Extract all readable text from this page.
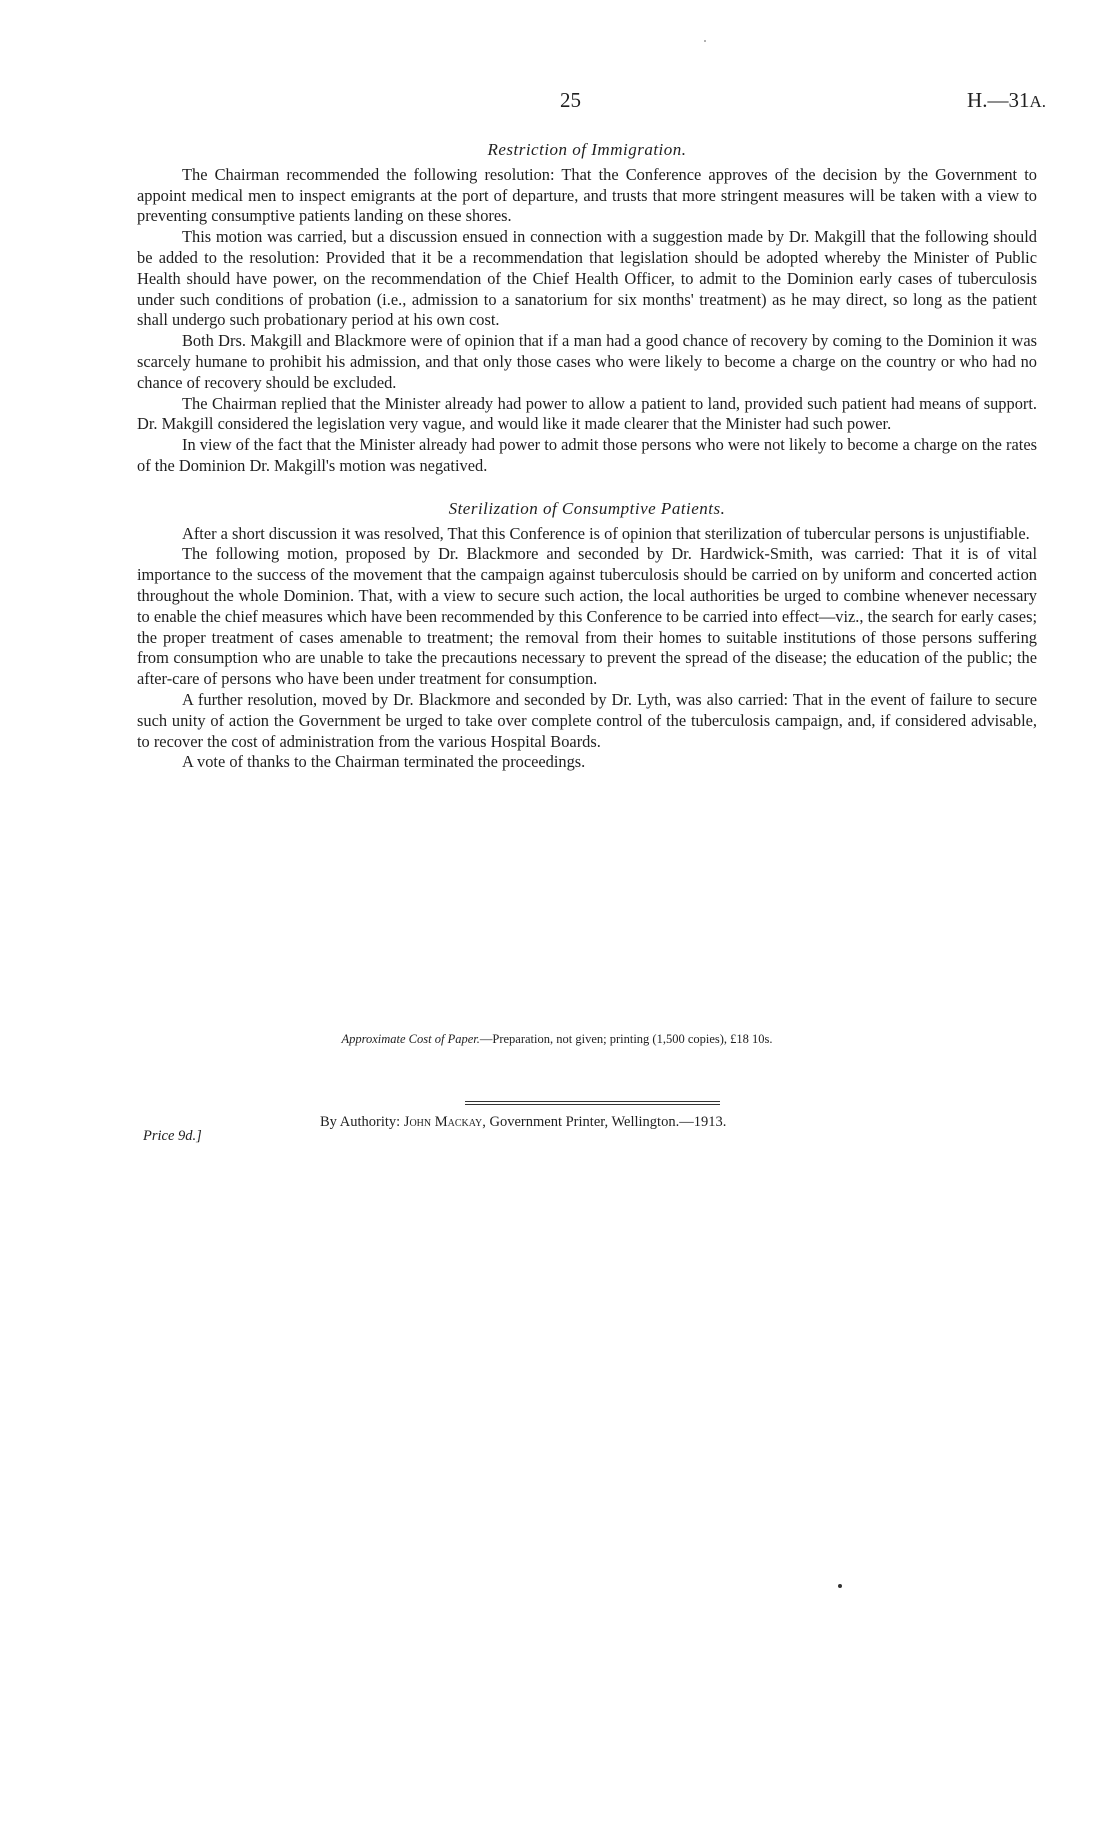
25	H.—31A.
Restriction of Immigration.

The Chairman recommended the following resolution: That the Conference approves of the decision by the Government to appoint medical men to inspect emigrants at the port of departure, and trusts that more stringent measures will be taken with a view to preventing consumptive patients landing on these shores.

This motion was carried, but a discussion ensued in connection with a suggestion made by Dr. Makgill that the following should be added to the resolution: Provided that it be a recommendation that legislation should be adopted whereby the Minister of Public Health should have power, on the recommendation of the Chief Health Officer, to admit to the Dominion early cases of tuberculosis under such conditions of probation (i.e., admission to a sanatorium for six months' treatment) as he may direct, so long as the patient shall undergo such probationary period at his own cost.

Both Drs. Makgill and Blackmore were of opinion that if a man had a good chance of recovery by coming to the Dominion it was scarcely humane to prohibit his admission, and that only those cases who were likely to become a charge on the country or who had no chance of recovery should be excluded.

The Chairman replied that the Minister already had power to allow a patient to land, provided such patient had means of support. Dr. Makgill considered the legislation very vague, and would like it made clearer that the Minister had such power.

In view of the fact that the Minister already had power to admit those persons who were not likely to become a charge on the rates of the Dominion Dr. Makgill's motion was negatived.

Sterilization of Consumptive Patients.

After a short discussion it was resolved, That this Conference is of opinion that sterilization of tubercular persons is unjustifiable.

The following motion, proposed by Dr. Blackmore and seconded by Dr. Hardwick-Smith, was carried: That it is of vital importance to the success of the movement that the campaign against tuberculosis should be carried on by uniform and concerted action throughout the whole Dominion. That, with a view to secure such action, the local authorities be urged to combine whenever necessary to enable the chief measures which have been recommended by this Conference to be carried into effect—viz., the search for early cases; the proper treatment of cases amenable to treatment; the removal from their homes to suitable institutions of those persons suffering from consumption who are unable to take the precautions necessary to prevent the spread of the disease; the education of the public; the after-care of persons who have been under treatment for consumption.

A further resolution, moved by Dr. Blackmore and seconded by Dr. Lyth, was also carried: That in the event of failure to secure such unity of action the Government be urged to take over complete control of the tuberculosis campaign, and, if considered advisable, to recover the cost of administration from the various Hospital Boards.

A vote of thanks to the Chairman terminated the proceedings.

Approximate Cost of Paper.—Preparation, not given; printing (1,500 copies), £18 10s.
By Authority: John Mackay, Government Printer, Wellington.—1913.
Price 9d.]
